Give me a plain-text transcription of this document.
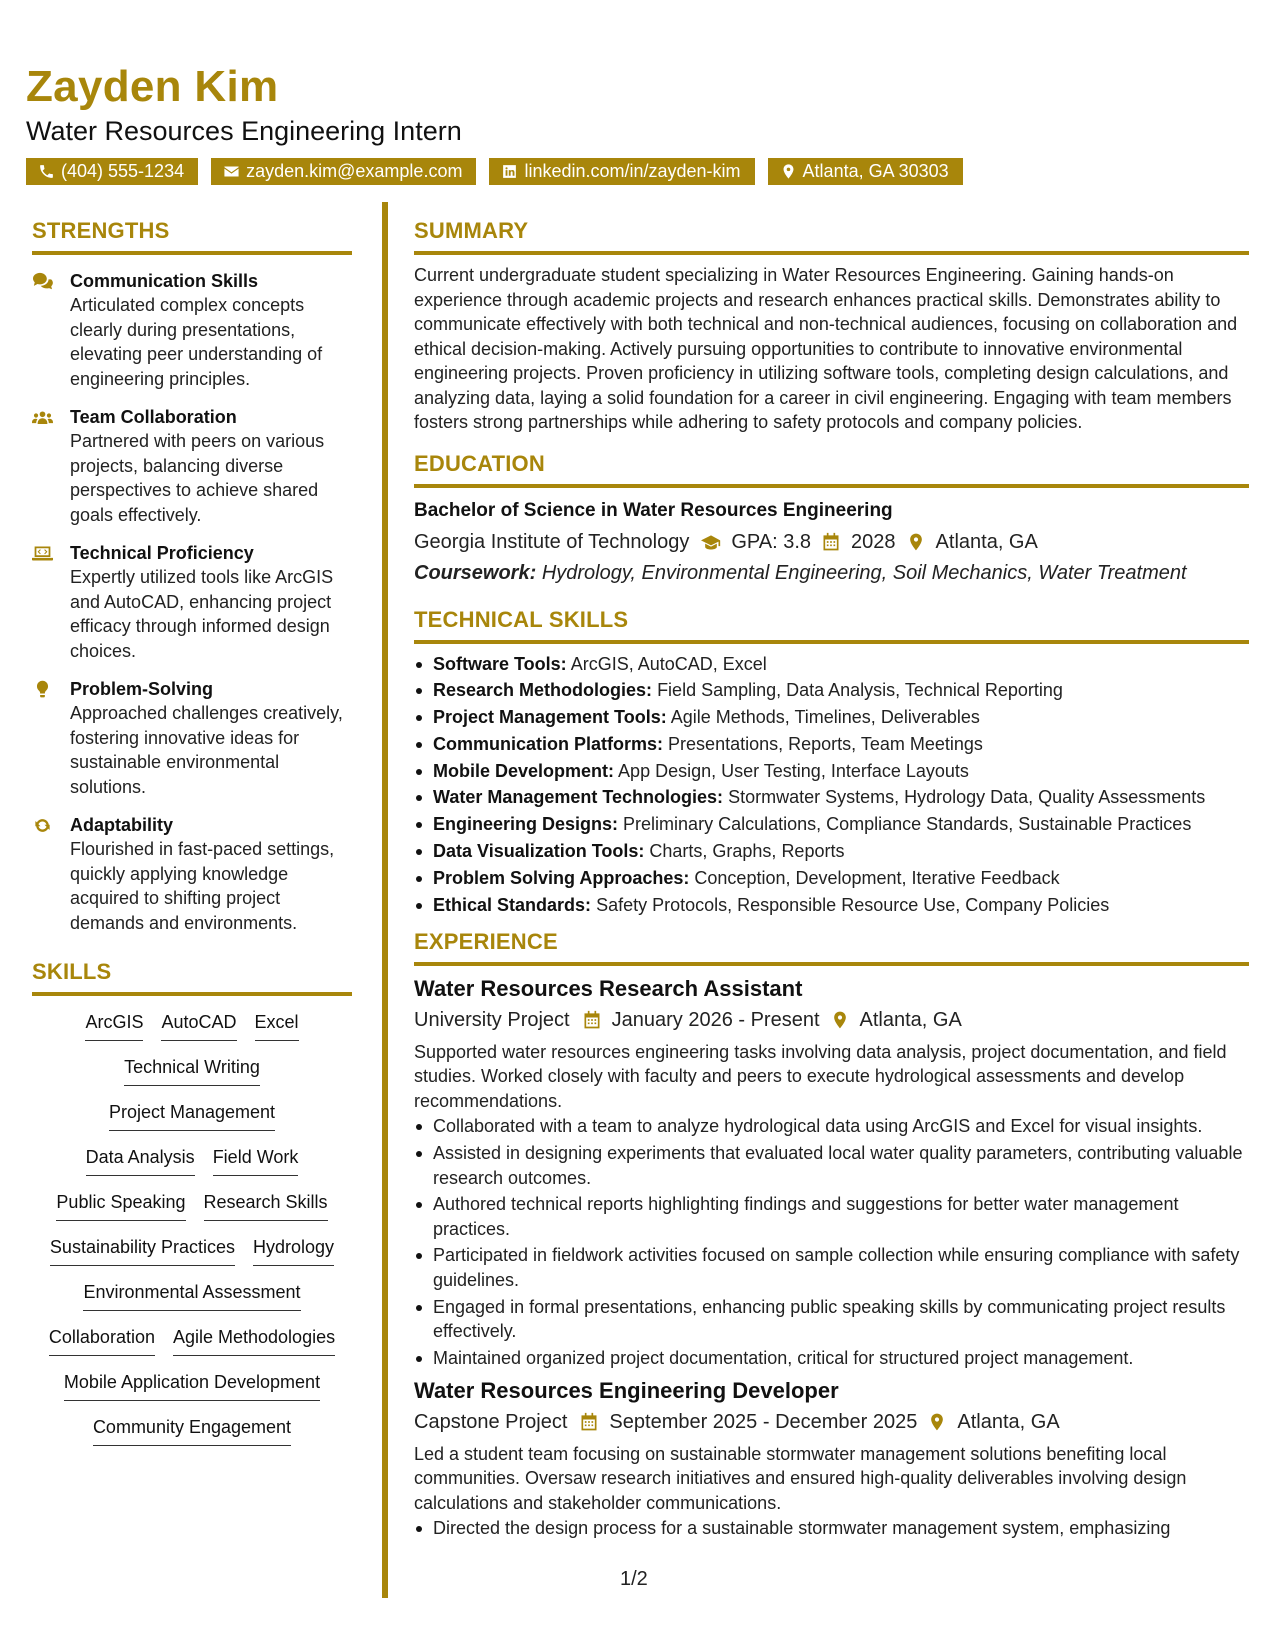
Zayden Kim
Water Resources Engineering Intern
(404) 555-1234	zayden.kim@example.com	linkedin.com/in/zayden-kim	Atlanta, GA 30303
STRENGTHS
Communication Skills
Articulated complex concepts clearly during presentations, elevating peer understanding of engineering principles.
Team Collaboration
Partnered with peers on various projects, balancing diverse perspectives to achieve shared goals effectively.
Technical Proficiency
Expertly utilized tools like ArcGIS and AutoCAD, enhancing project efficacy through informed design choices.
Problem-Solving
Approached challenges creatively, fostering innovative ideas for sustainable environmental solutions.
Adaptability
Flourished in fast-paced settings, quickly applying knowledge acquired to shifting project demands and environments.
SKILLS
ArcGIS AutoCAD Excel
Technical Writing
Project Management
Data Analysis Field Work
Public Speaking Research Skills
Sustainability Practices Hydrology
Environmental Assessment
Collaboration Agile Methodologies
Mobile Application Development
Community Engagement
SUMMARY
Current undergraduate student specializing in Water Resources Engineering. Gaining hands-on experience through academic projects and research enhances practical skills. Demonstrates ability to communicate effectively with both technical and non-technical audiences, focusing on collaboration and ethical decision-making. Actively pursuing opportunities to contribute to innovative environmental engineering projects. Proven proficiency in utilizing software tools, completing design calculations, and analyzing data, laying a solid foundation for a career in civil engineering. Engaging with team members fosters strong partnerships while adhering to safety protocols and company policies.
EDUCATION
Bachelor of Science in Water Resources Engineering
Georgia Institute of Technology GPA: 3.8 2028 Atlanta, GA
Coursework: Hydrology, Environmental Engineering, Soil Mechanics, Water Treatment
TECHNICAL SKILLS
Software Tools: ArcGIS, AutoCAD, Excel
Research Methodologies: Field Sampling, Data Analysis, Technical Reporting
Project Management Tools: Agile Methods, Timelines, Deliverables
Communication Platforms: Presentations, Reports, Team Meetings
Mobile Development: App Design, User Testing, Interface Layouts
Water Management Technologies: Stormwater Systems, Hydrology Data, Quality Assessments
Engineering Designs: Preliminary Calculations, Compliance Standards, Sustainable Practices
Data Visualization Tools: Charts, Graphs, Reports
Problem Solving Approaches: Conception, Development, Iterative Feedback
Ethical Standards: Safety Protocols, Responsible Resource Use, Company Policies
EXPERIENCE
Water Resources Research Assistant
University Project January 2026 - Present Atlanta, GA
Supported water resources engineering tasks involving data analysis, project documentation, and field studies. Worked closely with faculty and peers to execute hydrological assessments and develop recommendations.
Collaborated with a team to analyze hydrological data using ArcGIS and Excel for visual insights.
Assisted in designing experiments that evaluated local water quality parameters, contributing valuable research outcomes.
Authored technical reports highlighting findings and suggestions for better water management practices.
Participated in fieldwork activities focused on sample collection while ensuring compliance with safety guidelines.
Engaged in formal presentations, enhancing public speaking skills by communicating project results effectively.
Maintained organized project documentation, critical for structured project management.
Water Resources Engineering Developer
Capstone Project September 2025 - December 2025 Atlanta, GA
Led a student team focusing on sustainable stormwater management solutions benefiting local communities. Oversaw research initiatives and ensured high-quality deliverables involving design calculations and stakeholder communications.
Directed the design process for a sustainable stormwater management system, emphasizing
1/2
